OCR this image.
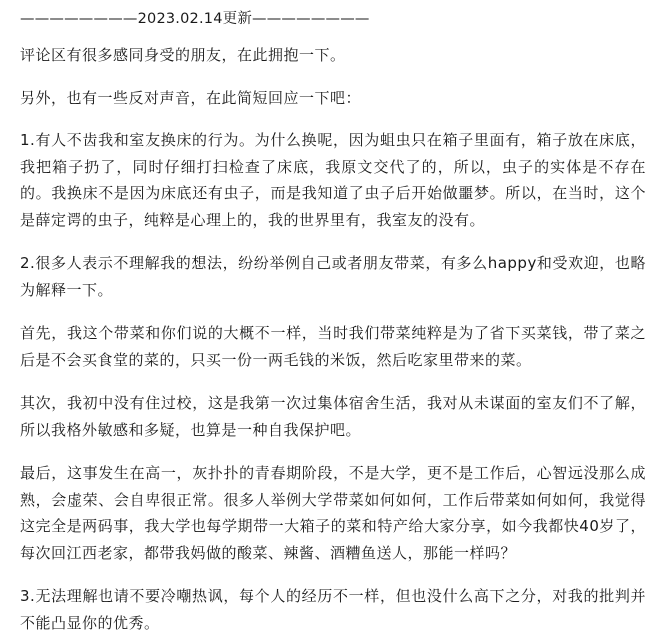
————————2023.02.14更新————————

评论区有很多感同身受的朋友，在此拥抱一下。

另外，也有一些反对声音，在此简短回应一下吧：

1.有人不齿我和室友换床的行为。为什么换呢，因为蛆虫只在箱子里面有，箱子放在床底，我把箱子扔了，同时仔细打扫检查了床底，我原文交代了的，所以，虫子的实体是不存在的。我换床不是因为床底还有虫子，而是我知道了虫子后开始做噩梦。所以，在当时，这个是薛定谔的虫子，纯粹是心理上的，我的世界里有，我室友的没有。

2.很多人表示不理解我的想法，纷纷举例自己或者朋友带菜，有多么happy和受欢迎，也略为解释一下。

首先，我这个带菜和你们说的大概不一样，当时我们带菜纯粹是为了省下买菜钱，带了菜之后是不会买食堂的菜的，只买一份一两毛钱的米饭，然后吃家里带来的菜。

其次，我初中没有住过校，这是我第一次过集体宿舍生活，我对从未谋面的室友们不了解，所以我格外敏感和多疑，也算是一种自我保护吧。

最后，这事发生在高一，灰扑扑的青春期阶段，不是大学，更不是工作后，心智远没那么成熟，会虚荣、会自卑很正常。很多人举例大学带菜如何如何，工作后带菜如何如何，我觉得这完全是两码事，我大学也每学期带一大箱子的菜和特产给大家分享，如今我都快40岁了，每次回江西老家，都带我妈做的酸菜、辣酱、酒糟鱼送人，那能一样吗？

3.无法理解也请不要冷嘲热讽，每个人的经历不一样，但也没什么高下之分，对我的批判并不能凸显你的优秀。
